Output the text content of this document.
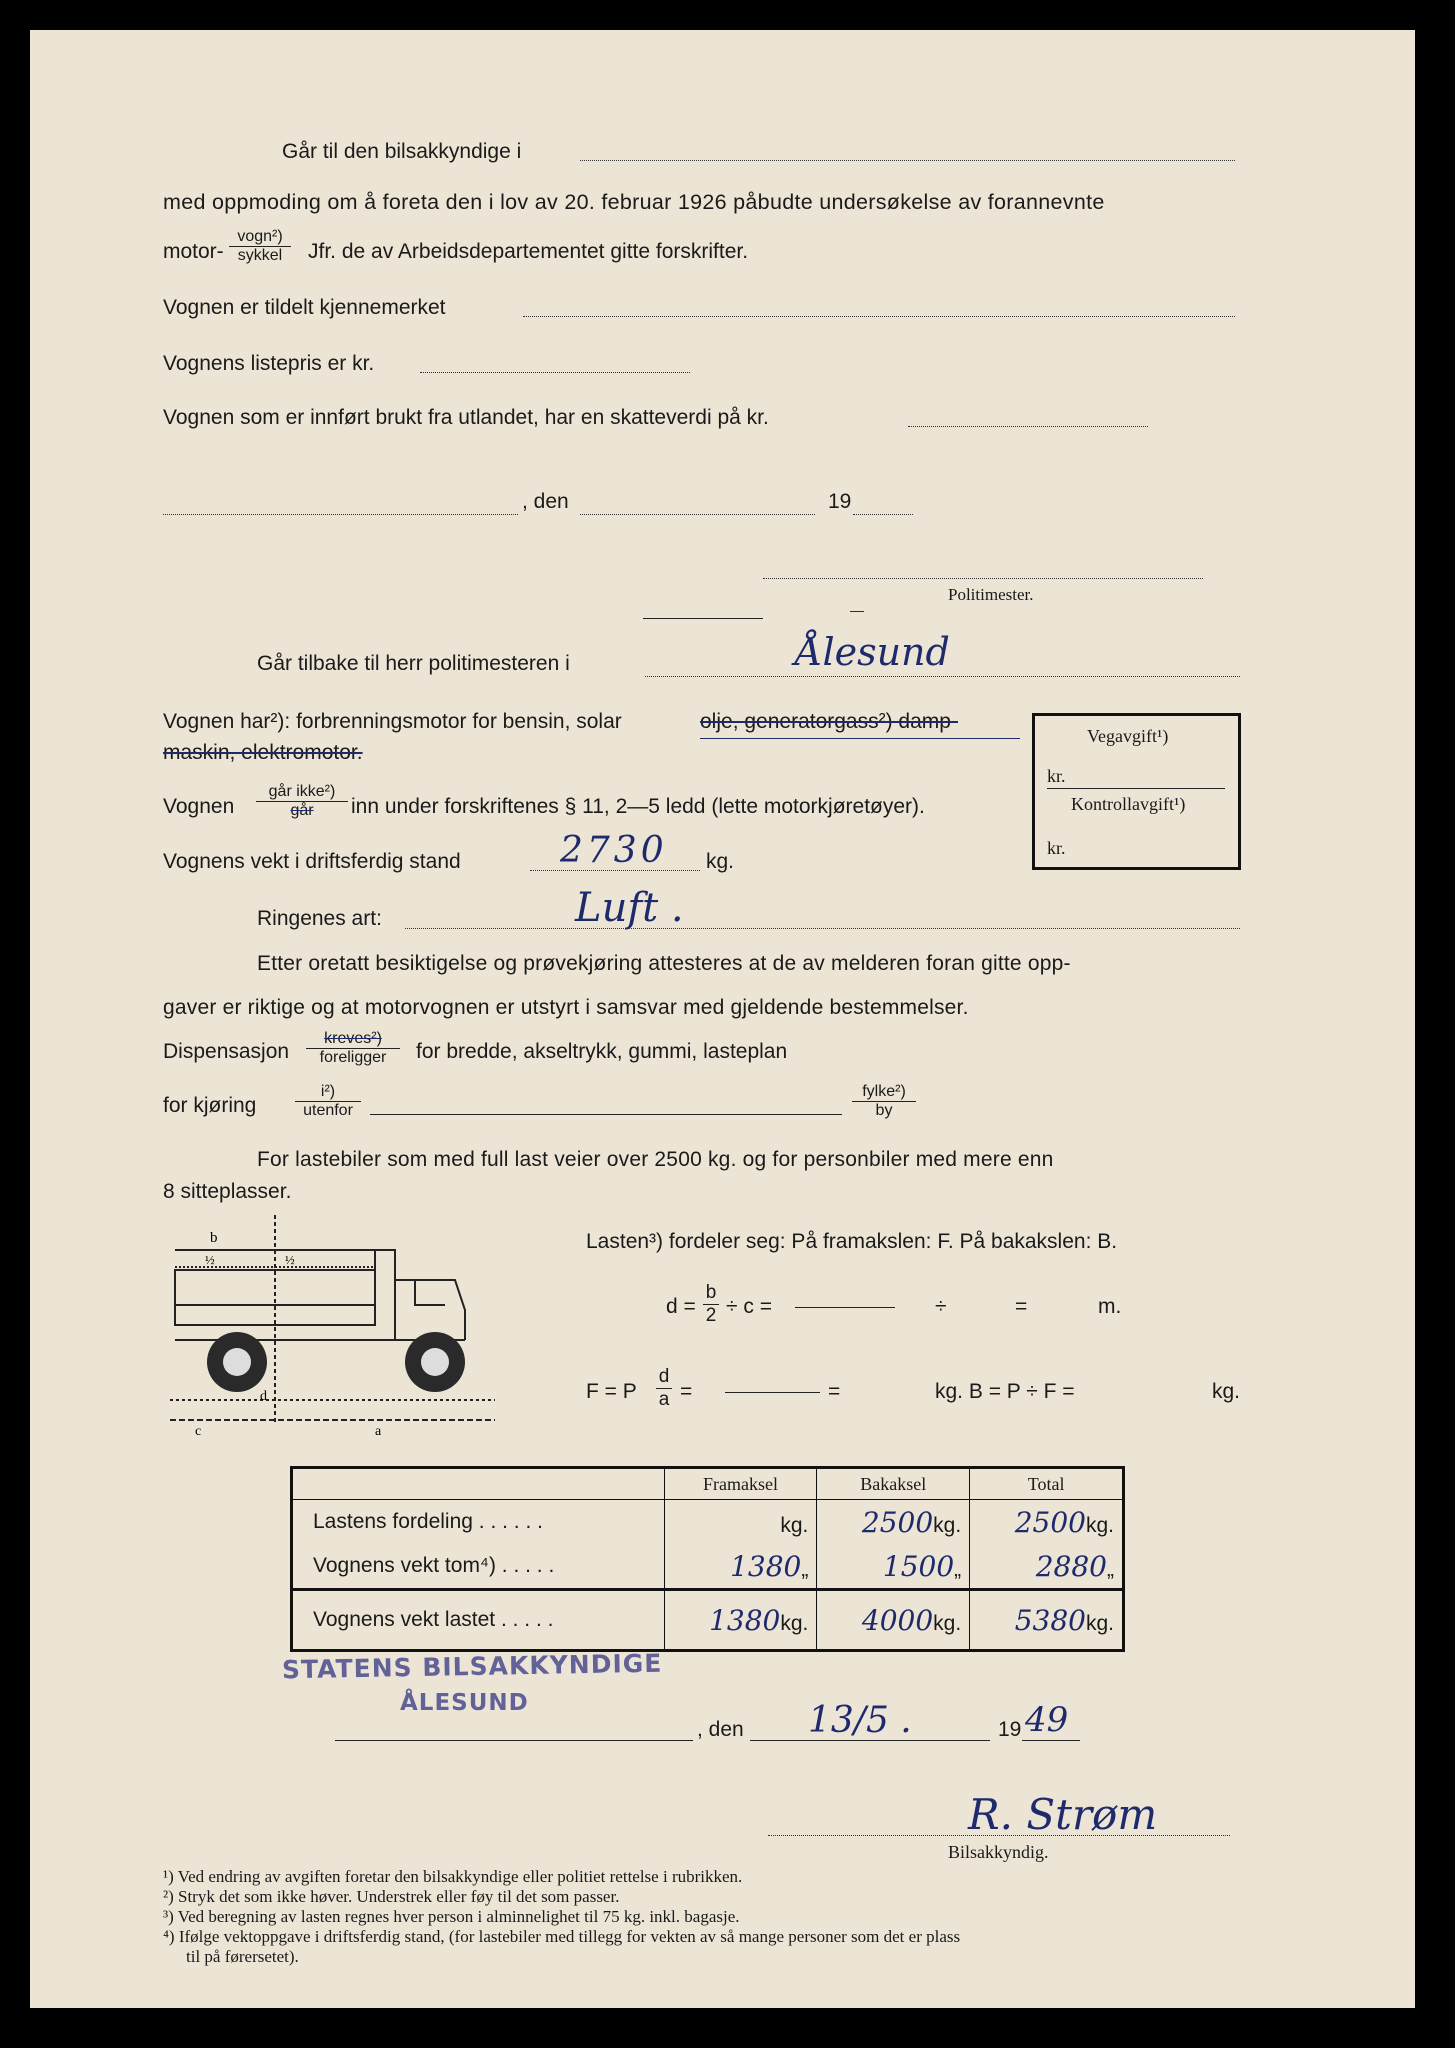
Går til den bilsakkyndige i
med oppmoding om å foreta den i lov av 20. februar 1926 påbudte undersøkelse av forannevnte
motor-
vogn²)
sykkel	Jfr. de av Arbeidsdepartementet gitte forskrifter.
Vognen er tildelt kjennemerket
Vognens listepris er kr.
Vognen som er innført brukt fra utlandet, har en skatteverdi på kr.
, den	19
Politimester.
Går tilbake til herr politimesteren i	Ålesund
Vognen har²): forbrenningsmotor for bensin, solar	olje, generatorgass²) damp-
maskin, elektromotor.
Vognen
går ikke²)
går	inn under forskriftenes § 11, 2—5 ledd (lette motorkjøretøyer).
Vognens vekt i driftsferdig stand	2730 kg.
Ringenes art:	Luft .
Vegavgift¹)
kr.
Kontrollavgift¹)
kr.
Etter oretatt besiktigelse og prøvekjøring attesteres at de av melderen foran gitte opp-
gaver er riktige og at motorvognen er utstyrt i samsvar med gjeldende bestemmelser.
Dispensasjon
kreves²)
foreligger	for bredde, akseltrykk, gummi, lasteplan
for kjøring
i²)
utenfor
fylke²)
by
For lastebiler som med full last veier over 2500 kg. og for personbiler med mere enn
8 sitteplasser.
b
½	½
c
d
a
Lasten³) fordeler seg: På framakslen: F. På bakakslen: B.
$d = \frac{b}{2} \div c$ =	÷	=	m.
F = P $\frac{d}{a}$ =	=	kg. B = P ÷ F =	kg.
	Framaksel	Bakaksel	Total
Lastens fordeling . . . . . .	kg.	2500kg.	2500kg.
Vognens vekt tom⁴) . . . . .	1380„	1500„	2880„
Vognens vekt lastet . . . . .	1380kg.	4000kg.	5380kg.
STATENS BILSAKKYNDIGE
ÅLESUND
, den 13/5 .	19 49
R. Strøm
Bilsakkyndig.
¹) Ved endring av avgiften foretar den bilsakkyndige eller politiet rettelse i rubrikken.
²) Stryk det som ikke høver. Understrek eller føy til det som passer.
³) Ved beregning av lasten regnes hver person i alminnelighet til 75 kg. inkl. bagasje.
⁴) Ifølge vektoppgave i driftsferdig stand, (for lastebiler med tillegg for vekten av så mange personer som det er plass
til på førersetet).
